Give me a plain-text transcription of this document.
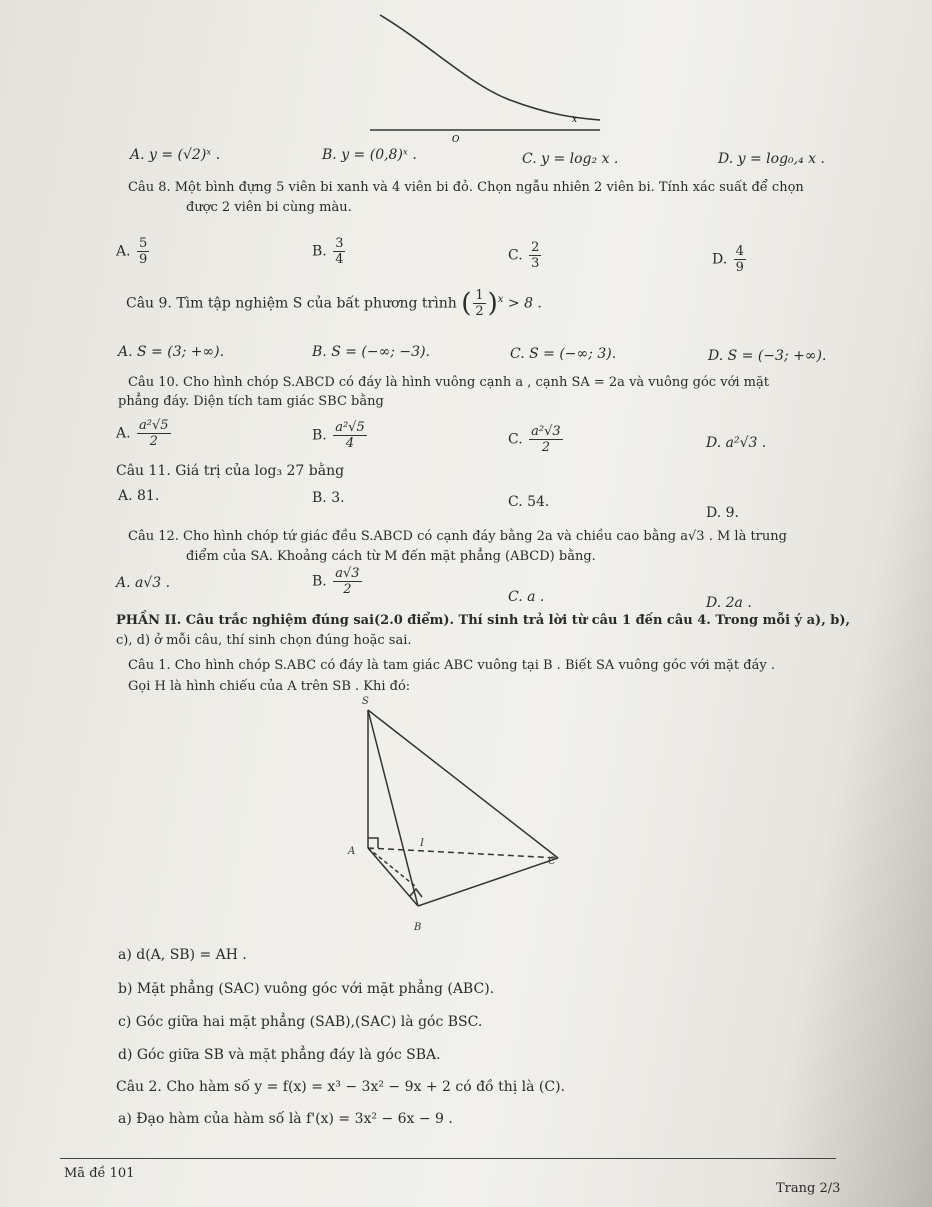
x
O
A. y = (√2)ˣ .	B. y = (0,8)ˣ .	C. y = log₂ x .	D. y = log₀,₄ x .
Câu 8. Một bình đựng 5 viên bi xanh và 4 viên bi đỏ. Chọn ngẫu nhiên 2 viên bi. Tính xác suất để chọn
được 2 viên bi cùng màu.
A. $\frac{5}{9}$	B. $\frac{3}{4}$	C. $\frac{2}{3}$	D. $\frac{4}{9}$
Câu 9. Tìm tập nghiệm S của bất phương trình ( $\frac{1}{2} )^x > 8$ .
A. S = (3; +∞).	B. S = (−∞; −3).	C. S = (−∞; 3).	D. S = (−3; +∞).
Câu 10. Cho hình chóp S.ABCD có đáy là hình vuông cạnh a , cạnh SA = 2a và vuông góc với mặt
phẳng đáy. Diện tích tam giác SBC bằng
A. $\frac{\text{a²√5}}{2}$	B. $\frac{\text{a²√5}}{4}$	C. $\frac{\text{a²√3}}{2}$	D. a²√3 .
Câu 11. Giá trị của log₃ 27 bằng
A. 81.	B. 3.	C. 54.
D. 9.
Câu 12. Cho hình chóp tứ giác đều S.ABCD có cạnh đáy bằng 2a và chiều cao bằng a√3 . M là trung
điểm của SA. Khoảng cách từ M đến mặt phẳng (ABCD) bằng.
A. a√3 .	B. $\frac{a√3}{2}$	C. a .	D. 2a .
PHẦN II. Câu trắc nghiệm đúng sai(2.0 điểm). Thí sinh trả lời từ câu 1 đến câu 4. Trong mỗi ý a), b),
c), d) ở mỗi câu, thí sinh chọn đúng hoặc sai.
Câu 1. Cho hình chóp S.ABC có đáy là tam giác ABC vuông tại B . Biết SA vuông góc với mặt đáy .
Gọi H là hình chiếu của A trên SB . Khi đó:
S
A
C
B
I
a) d(A, SB) = AH .
b) Mặt phẳng (SAC) vuông góc với mặt phẳng (ABC).
c) Góc giữa hai mặt phẳng (SAB),(SAC) là góc BSC.
d) Góc giữa SB và mặt phẳng đáy là góc SBA.
Câu 2. Cho hàm số y = f(x) = x³ − 3x² − 9x + 2 có đồ thị là (C).
a) Đạo hàm của hàm số là f'(x) = 3x² − 6x − 9 .
Mã đề 101
Trang 2/3
